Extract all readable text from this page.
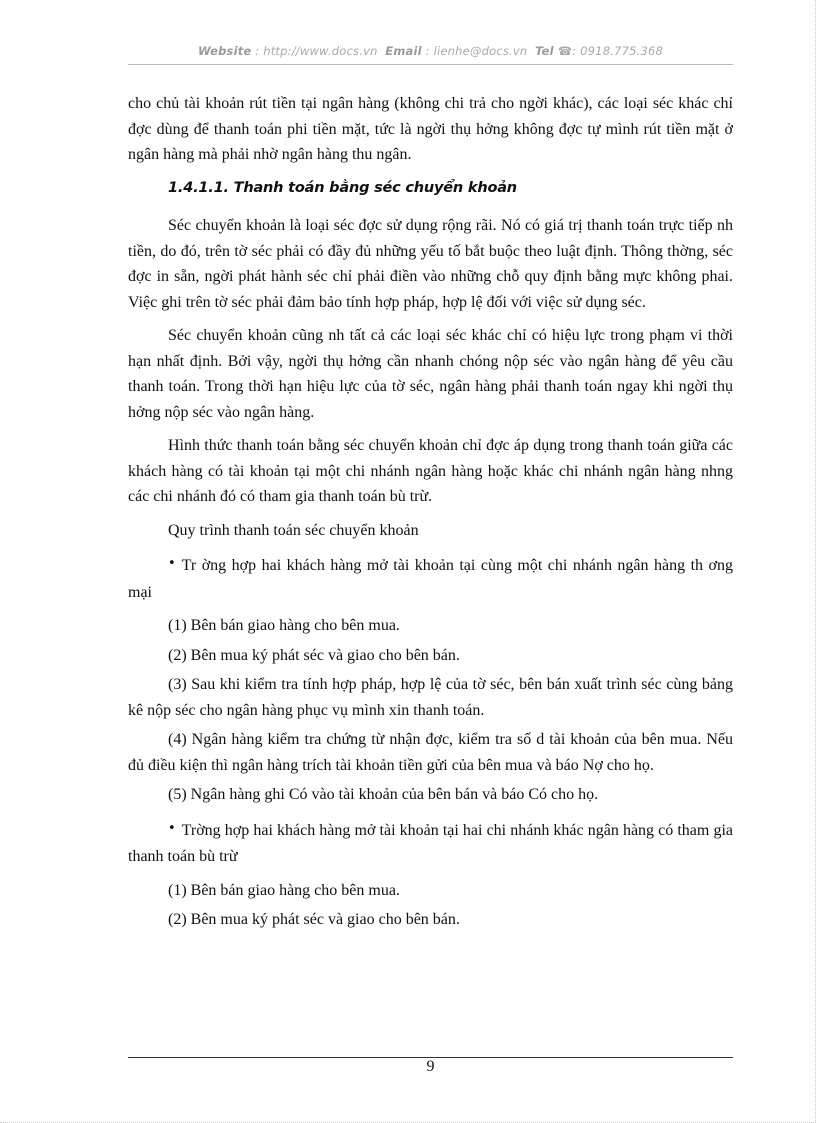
Website : http://www.docs.vn Email : lienhe@docs.vn Tel ☎: 0918.775.368

cho chủ tài khoản rút tiền tại ngân hàng (không chi trả cho ngời khác), các loại séc khác chỉ đợc dùng để thanh toán phi tiền mặt, tức là ngời thụ hởng không đợc tự mình rút tiền mặt ở ngân hàng mà phải nhờ ngân hàng thu ngân.

1.4.1.1. Thanh toán bằng séc chuyển khoản

Séc chuyển khoản là loại séc đợc sử dụng rộng rãi. Nó có giá trị thanh toán trực tiếp nh tiền, do đó, trên tờ séc phải có đầy đủ những yếu tố bắt buộc theo luật định. Thông thờng, séc đợc in sẵn, ngời phát hành séc chỉ phải điền vào những chỗ quy định bằng mực không phai. Việc ghi trên tờ séc phải đảm bảo tính hợp pháp, hợp lệ đối với việc sử dụng séc.

Séc chuyển khoản cũng nh tất cả các loại séc khác chỉ có hiệu lực trong phạm vi thời hạn nhất định. Bởi vậy, ngời thụ hởng cần nhanh chóng nộp séc vào ngân hàng để yêu cầu thanh toán. Trong thời hạn hiệu lực của tờ séc, ngân hàng phải thanh toán ngay khi ngời thụ hởng nộp séc vào ngân hàng.

Hình thức thanh toán bằng séc chuyển khoản chỉ đợc áp dụng trong thanh toán giữa các khách hàng có tài khoản tại một chi nhánh ngân hàng hoặc khác chi nhánh ngân hàng nhng các chi nhánh đó có tham gia thanh toán bù trừ.

Quy trình thanh toán séc chuyển khoản

• Tr ờng hợp hai khách hàng mở tài khoản tại cùng một chi nhánh ngân hàng th ơng mại

(1) Bên bán giao hàng cho bên mua.

(2) Bên mua ký phát séc và giao cho bên bán.

(3) Sau khi kiểm tra tính hợp pháp, hợp lệ của tờ séc, bên bán xuất trình séc cùng bảng kê nộp séc cho ngân hàng phục vụ mình xin thanh toán.

(4) Ngân hàng kiểm tra chứng từ nhận đợc, kiểm tra số d tài khoản của bên mua. Nếu đủ điều kiện thì ngân hàng trích tài khoản tiền gửi của bên mua và báo Nợ cho họ.

(5) Ngân hàng ghi Có vào tài khoản của bên bán và báo Có cho họ.

• Trờng hợp hai khách hàng mở tài khoản tại hai chi nhánh khác ngân hàng có tham gia thanh toán bù trừ

(1) Bên bán giao hàng cho bên mua.

(2) Bên mua ký phát séc và giao cho bên bán.

9
